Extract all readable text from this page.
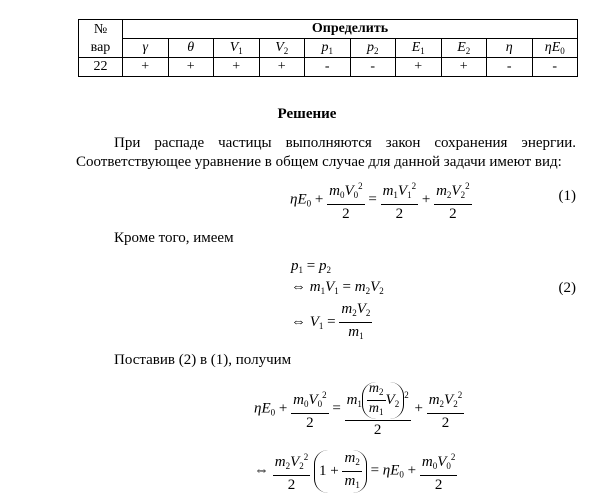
№	Определить									
вар	γ	θ	$V_1$	$V_2$	$p_1$	$p_2$	$E_1$	$E_2$	η	$\eta E_0$
22	+	+	+	+	-	-	+	+	-	-
Решение
При распаде частицы выполняются закон сохранения энергии.
Соответствующее уравнение в общем случае для данной задачи имеют вид:
$\eta E_0 + \frac{m_0V_0^2}{2} = \frac{m_1V_1^2}{2} + \frac{m_2V_2^2}{2}$	(1)
Кроме того, имеем
$p_1 = p_2$
⇔ $m_1V_1 = m_2V_2$	(2)
⇔ $V_1 = \frac{m_2V_2}{m_1}$
Поставив (2) в (1), получим
$\eta E_0 + \frac{m_0V_0^2}{2} = \frac{m_1 \frac{m_2}{m_1} V_2^2}{2} + \frac{m_2V_2^2}{2}$
⇔ $\frac{m_2V_2^2}{2} 1 + \frac{m_2}{m_1} = \eta E_0 + \frac{m_0V_0^2}{2}$
